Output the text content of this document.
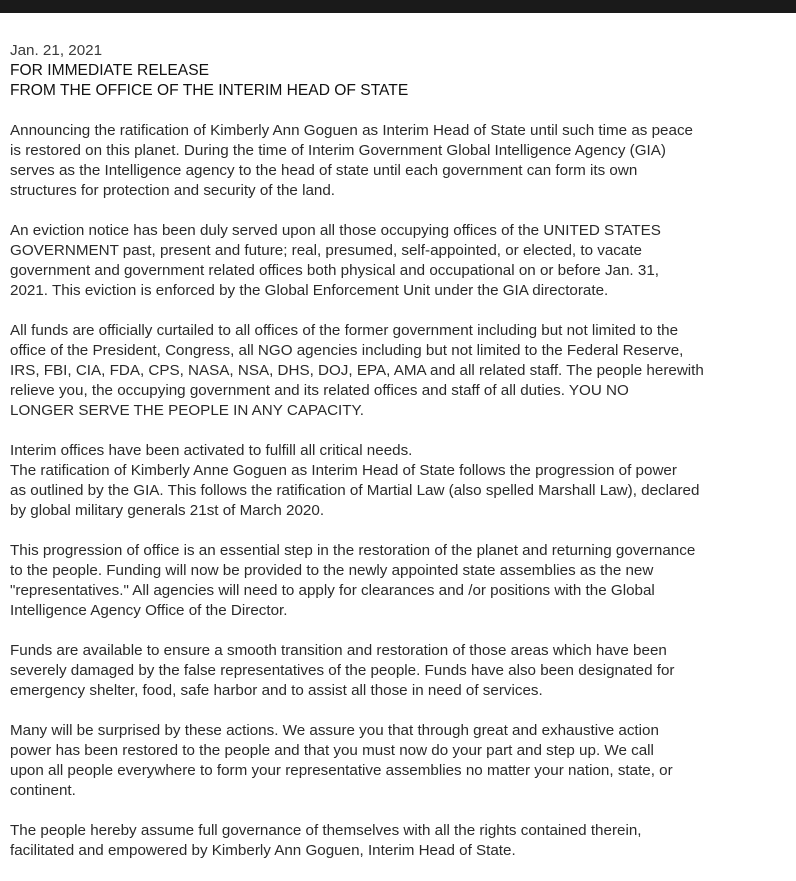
Jan. 21, 2021
FOR IMMEDIATE RELEASE
FROM THE OFFICE OF THE INTERIM HEAD OF STATE

Announcing the ratification of Kimberly Ann Goguen as Interim Head of State until such time as peace
is restored on this planet. During the time of Interim Government Global Intelligence Agency (GIA)
serves as the Intelligence agency to the head of state until each government can form its own
structures for protection and security of the land.

An eviction notice has been duly served upon all those occupying offices of the UNITED STATES
GOVERNMENT past, present and future; real, presumed, self-appointed, or elected, to vacate
government and government related offices both physical and occupational on or before Jan. 31,
2021. This eviction is enforced by the Global Enforcement Unit under the GIA directorate.

All funds are officially curtailed to all offices of the former government including but not limited to the
office of the President, Congress, all NGO agencies including but not limited to the Federal Reserve,
IRS, FBI, CIA, FDA, CPS, NASA, NSA, DHS, DOJ, EPA, AMA and all related staff. The people herewith
relieve you, the occupying government and its related offices and staff of all duties. YOU NO
LONGER SERVE THE PEOPLE IN ANY CAPACITY.

Interim offices have been activated to fulfill all critical needs.
The ratification of Kimberly Anne Goguen as Interim Head of State follows the progression of power
as outlined by the GIA. This follows the ratification of Martial Law (also spelled Marshall Law), declared
by global military generals 21st of March 2020.

This progression of office is an essential step in the restoration of the planet and returning governance
to the people. Funding will now be provided to the newly appointed state assemblies as the new
"representatives." All agencies will need to apply for clearances and /or positions with the Global
Intelligence Agency Office of the Director.

Funds are available to ensure a smooth transition and restoration of those areas which have been
severely damaged by the false representatives of the people. Funds have also been designated for
emergency shelter, food, safe harbor and to assist all those in need of services.

Many will be surprised by these actions. We assure you that through great and exhaustive action
power has been restored to the people and that you must now do your part and step up. We call
upon all people everywhere to form your representative assemblies no matter your nation, state, or
continent.

The people hereby assume full governance of themselves with all the rights contained therein,
facilitated and empowered by Kimberly Ann Goguen, Interim Head of State.
